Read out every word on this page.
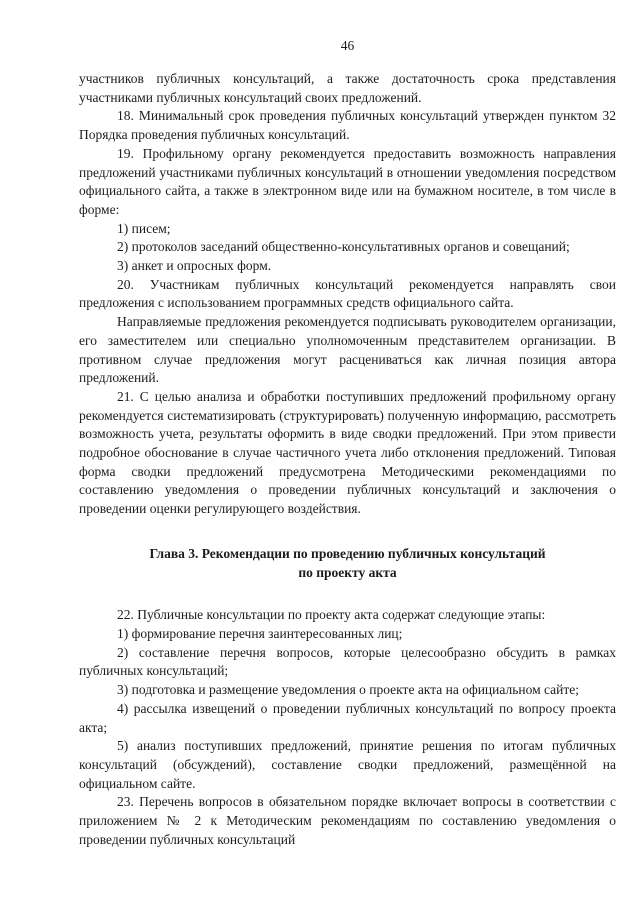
46

участников публичных консультаций, а также достаточность срока представления участниками публичных консультаций своих предложений.

18. Минимальный срок проведения публичных консультаций утвержден пунктом 32 Порядка проведения публичных консультаций.

19. Профильному органу рекомендуется предоставить возможность направления предложений участниками публичных консультаций в отношении уведомления посредством официального сайта, а также в электронном виде или на бумажном носителе, в том числе в форме:

1) писем;

2) протоколов заседаний общественно-консультативных органов и совещаний;

3) анкет и опросных форм.

20. Участникам публичных консультаций рекомендуется направлять свои предложения с использованием программных средств официального сайта.

Направляемые предложения рекомендуется подписывать руководителем организации, его заместителем или специально уполномоченным представителем организации. В противном случае предложения могут расцениваться как личная позиция автора предложений.

21. С целью анализа и обработки поступивших предложений профильному органу рекомендуется систематизировать (структурировать) полученную информацию, рассмотреть возможность учета, результаты оформить в виде сводки предложений. При этом привести подробное обоснование в случае частичного учета либо отклонения предложений. Типовая форма сводки предложений предусмотрена Методическими рекомендациями по составлению уведомления о проведении публичных консультаций и заключения о проведении оценки регулирующего воздействия.

Глава 3. Рекомендации по проведению публичных консультаций
по проекту акта

22. Публичные консультации по проекту акта содержат следующие этапы:

1) формирование перечня заинтересованных лиц;

2) составление перечня вопросов, которые целесообразно обсудить в рамках публичных консультаций;

3) подготовка и размещение уведомления о проекте акта на официальном сайте;

4) рассылка извещений о проведении публичных консультаций по вопросу проекта акта;

5) анализ поступивших предложений, принятие решения по итогам публичных консультаций (обсуждений), составление сводки предложений, размещённой на официальном сайте.

23. Перечень вопросов в обязательном порядке включает вопросы в соответствии с приложением № 2 к Методическим рекомендациям по составлению уведомления о проведении публичных консультаций
